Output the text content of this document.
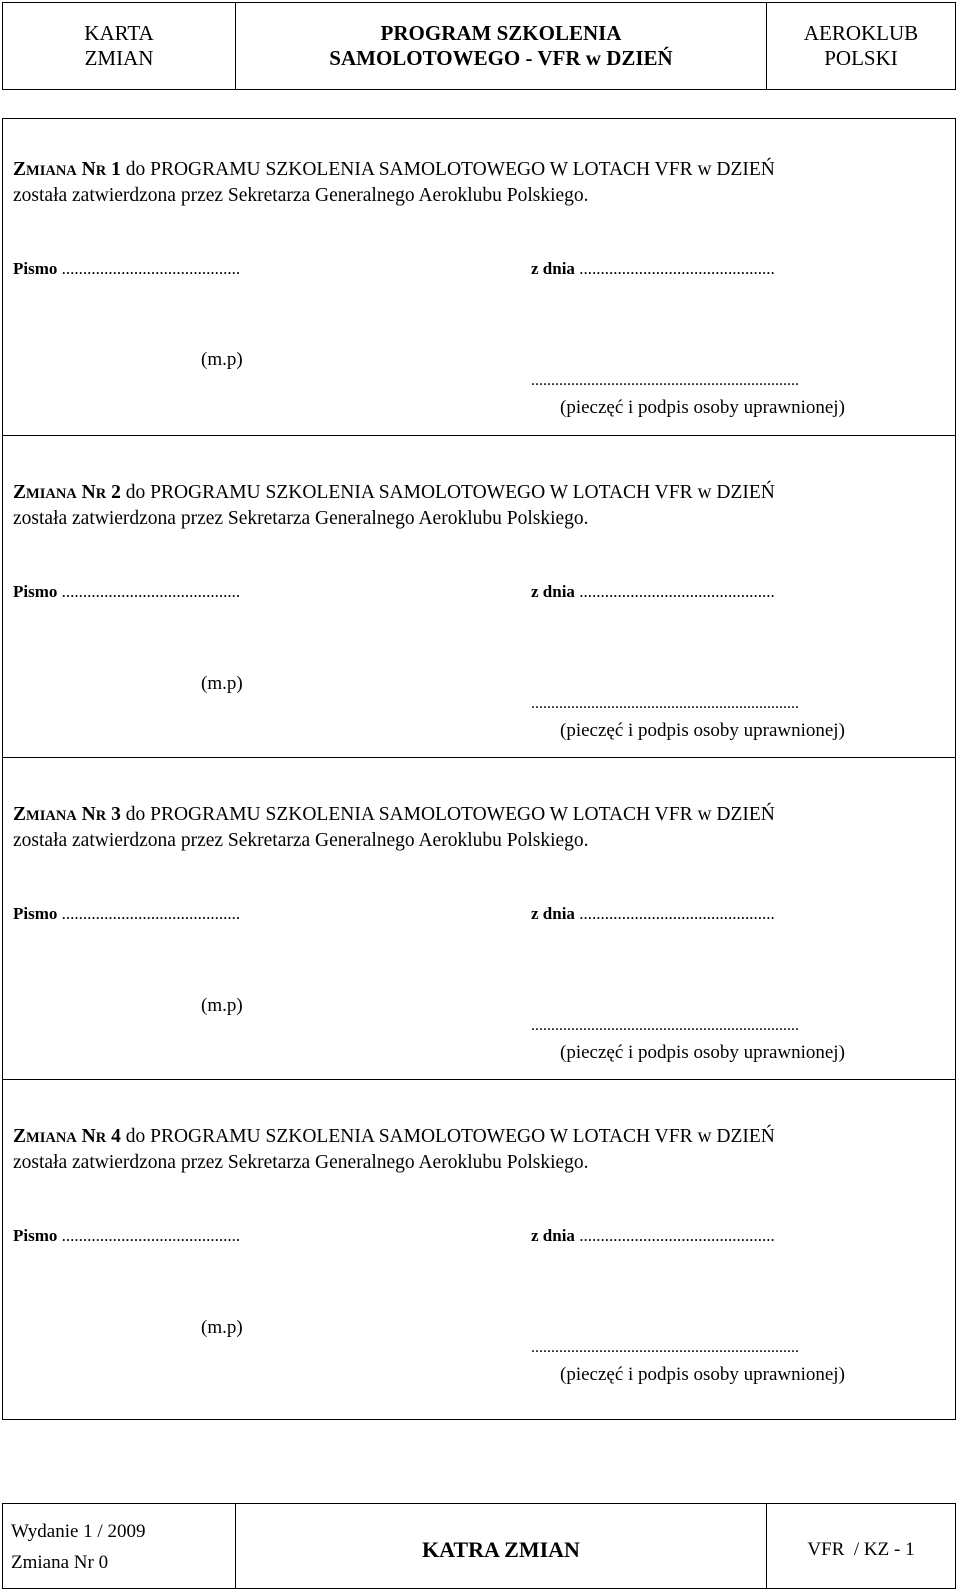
KARTA
ZMIAN
PROGRAM SZKOLENIA
SAMOLOTOWEGO - VFR w DZIEŃ
AEROKLUB
POLSKI
ZMIANA NR 1 do PROGRAMU SZKOLENIA SAMOLOTOWEGO W LOTACH VFR w DZIEŃ
została zatwierdzona przez Sekretarza Generalnego Aeroklubu Polskiego.
Pismo ..........................................	z dnia ..............................................
(m.p)
...................................................................
(pieczęć i podpis osoby uprawnionej)
ZMIANA NR 2 do PROGRAMU SZKOLENIA SAMOLOTOWEGO W LOTACH VFR w DZIEŃ
została zatwierdzona przez Sekretarza Generalnego Aeroklubu Polskiego.
Pismo ..........................................	z dnia ..............................................
(m.p)
...................................................................
(pieczęć i podpis osoby uprawnionej)
ZMIANA NR 3 do PROGRAMU SZKOLENIA SAMOLOTOWEGO W LOTACH VFR w DZIEŃ
została zatwierdzona przez Sekretarza Generalnego Aeroklubu Polskiego.
Pismo ..........................................	z dnia ..............................................
(m.p)
...................................................................
(pieczęć i podpis osoby uprawnionej)
ZMIANA NR 4 do PROGRAMU SZKOLENIA SAMOLOTOWEGO W LOTACH VFR w DZIEŃ
została zatwierdzona przez Sekretarza Generalnego Aeroklubu Polskiego.
Pismo ..........................................	z dnia ..............................................
(m.p)
...................................................................
(pieczęć i podpis osoby uprawnionej)
Wydanie 1 / 2009
Zmiana Nr 0
KATRA ZMIAN	VFR  / KZ - 1
